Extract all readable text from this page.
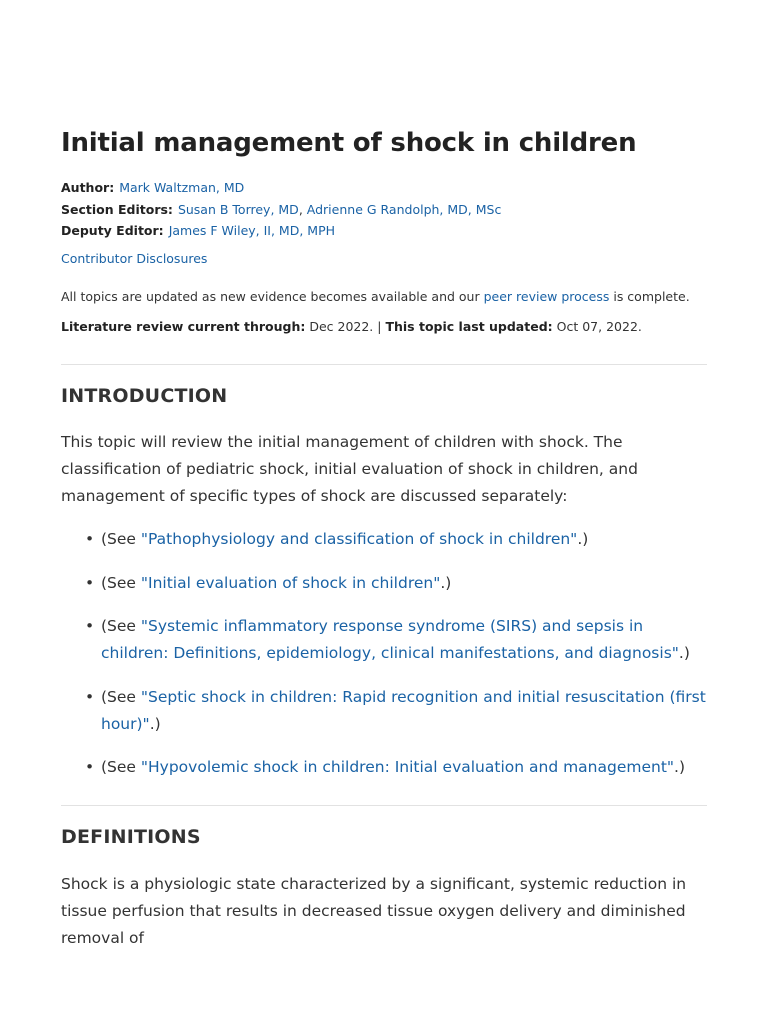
Initial management of shock in children
Author: Mark Waltzman, MD
Section Editors: Susan B Torrey, MD, Adrienne G Randolph, MD, MSc
Deputy Editor: James F Wiley, II, MD, MPH
Contributor Disclosures
All topics are updated as new evidence becomes available and our peer review process is complete.
Literature review current through: Dec 2022. | This topic last updated: Oct 07, 2022.
INTRODUCTION

This topic will review the initial management of children with shock. The classification of pediatric shock, initial evaluation of shock in children, and management of specific types of shock are discussed separately:

• (See "Pathophysiology and classification of shock in children".)
• (See "Initial evaluation of shock in children".)
• (See "Systemic inflammatory response syndrome (SIRS) and sepsis in children: Definitions, epidemiology, clinical manifestations, and diagnosis".)
• (See "Septic shock in children: Rapid recognition and initial resuscitation (first hour)".)
• (See "Hypovolemic shock in children: Initial evaluation and management".)
DEFINITIONS

Shock is a physiologic state characterized by a significant, systemic reduction in tissue perfusion that results in decreased tissue oxygen delivery and diminished removal of
